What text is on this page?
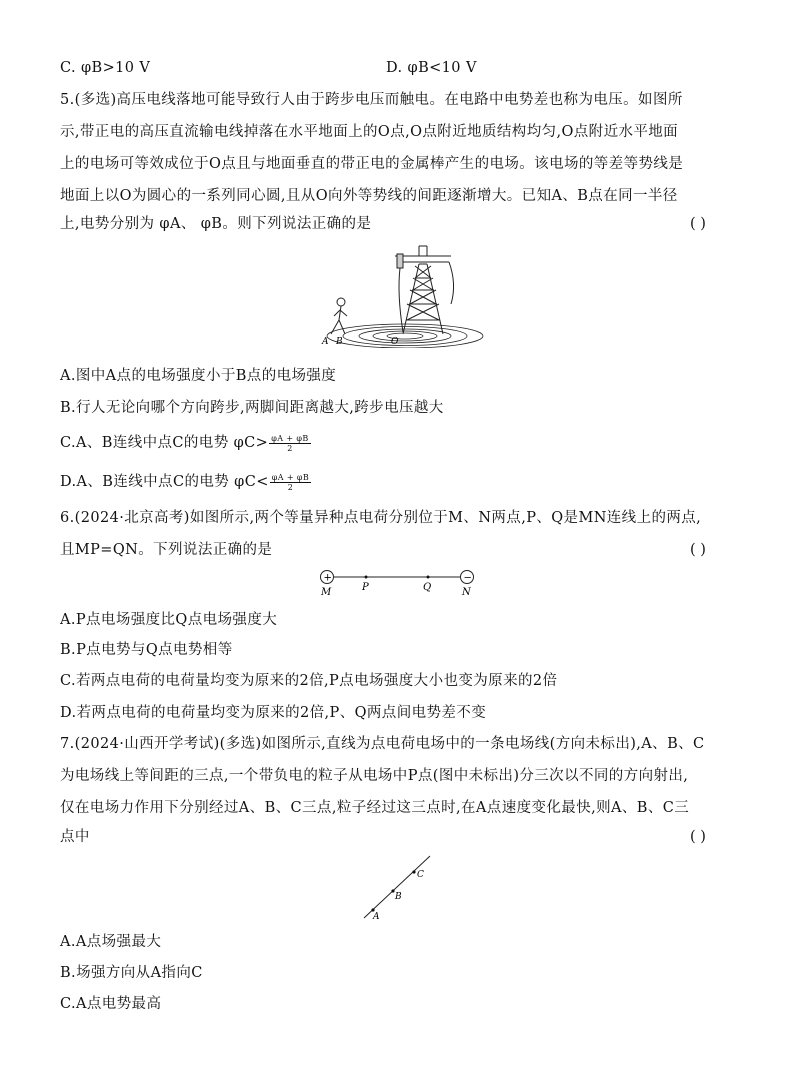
C. φB>10 V	D. φB<10 V
5.(多选)高压电线落地可能导致行人由于跨步电压而触电。在电路中电势差也称为电压。如图所
示,带正电的高压直流输电线掉落在水平地面上的O点,O点附近地质结构均匀,O点附近水平地面
上的电场可等效成位于O点且与地面垂直的带正电的金属棒产生的电场。该电场的等差等势线是
地面上以O为圆心的一系列同心圆,且从O向外等势线的间距逐渐增大。已知A、B点在同一半径
上,电势分别为 φA、 φB。则下列说法正确的是	( )
A B	O
A.图中A点的电场强度小于B点的电场强度
B.行人无论向哪个方向跨步,两脚间距离越大,跨步电压越大
C.A、B连线中点C的电势 $\varphi C> \frac{\varphi A + \varphi B}{2}$
D.A、B连线中点C的电势 $\varphi C< \frac{\varphi A + \varphi B}{2}$
6.(2024·北京高考)如图所示,两个等量异种点电荷分别位于M、N两点,P、Q是MN连线上的两点,
且MP=QN。下列说法正确的是	( )
+	−
M	P	Q	N
A.P点电场强度比Q点电场强度大
B.P点电势与Q点电势相等
C.若两点电荷的电荷量均变为原来的2倍,P点电场强度大小也变为原来的2倍
D.若两点电荷的电荷量均变为原来的2倍,P、Q两点间电势差不变
7.(2024·山西开学考试)(多选)如图所示,直线为点电荷电场中的一条电场线(方向未标出),A、B、C
为电场线上等间距的三点,一个带负电的粒子从电场中P点(图中未标出)分三次以不同的方向射出,
仅在电场力作用下分别经过A、B、C三点,粒子经过这三点时,在A点速度变化最快,则A、B、C三
点中	( )
A
B
C
A.A点场强最大
B.场强方向从A指向C
C.A点电势最高
